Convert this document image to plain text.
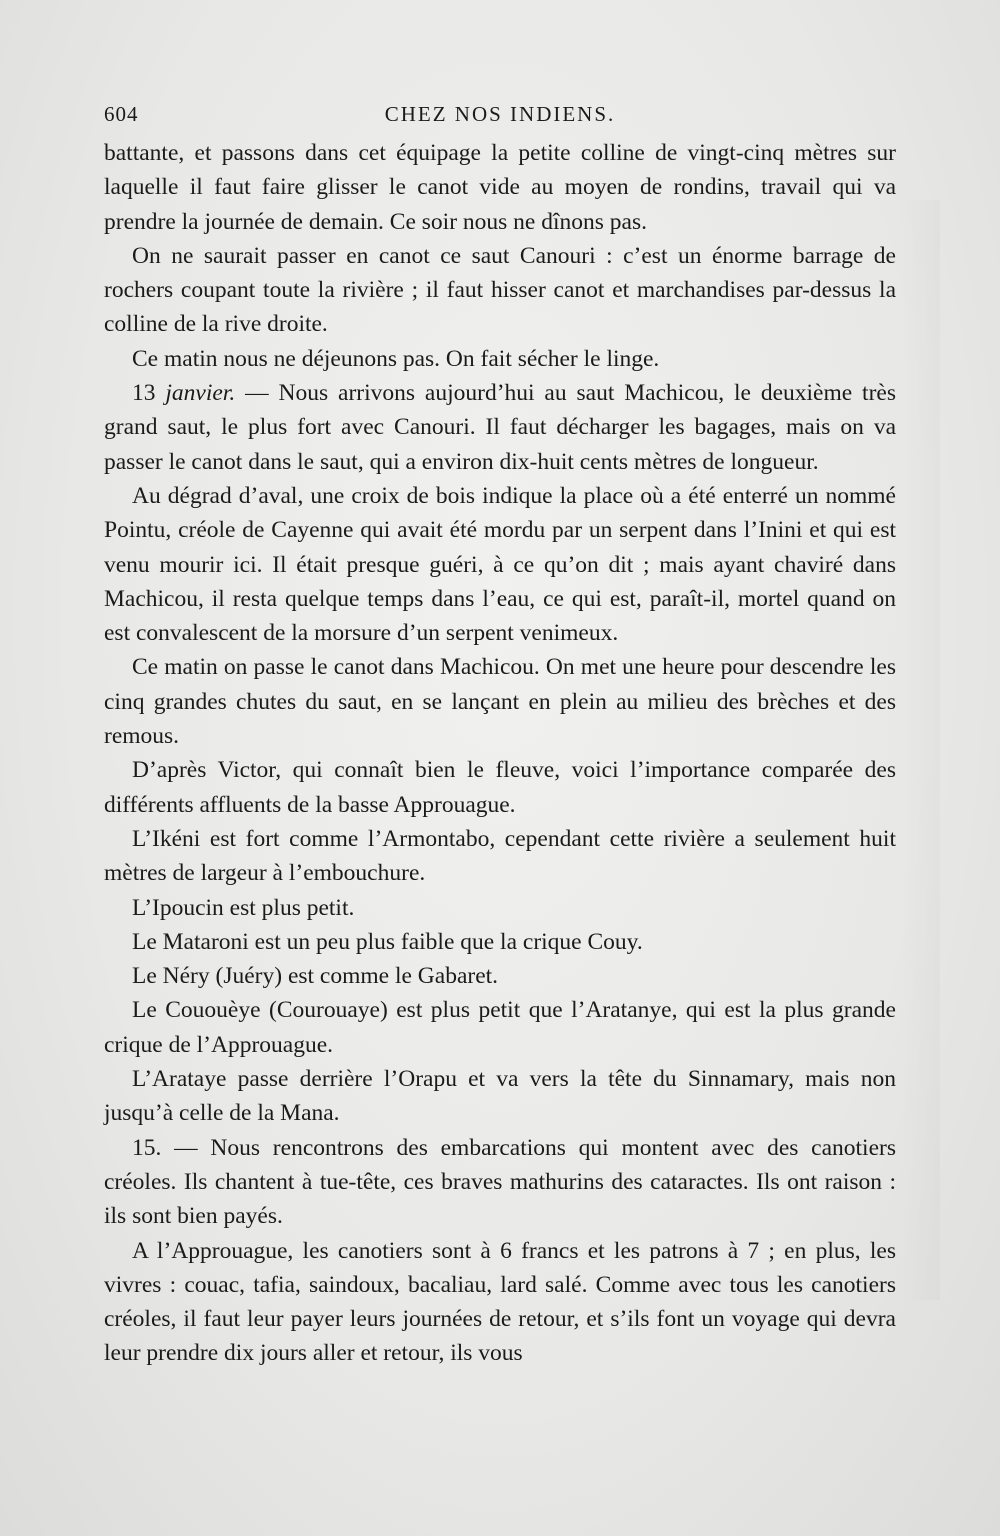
604	CHEZ NOS INDIENS.

battante, et passons dans cet équipage la petite colline de vingt-cinq mètres sur laquelle il faut faire glisser le canot vide au moyen de rondins, travail qui va prendre la journée de demain. Ce soir nous ne dînons pas.

On ne saurait passer en canot ce saut Canouri : c’est un énorme barrage de rochers coupant toute la rivière ; il faut hisser canot et marchandises par-dessus la colline de la rive droite.

Ce matin nous ne déjeunons pas. On fait sécher le linge.

13 janvier. — Nous arrivons aujourd’hui au saut Machicou, le deuxième très grand saut, le plus fort avec Canouri. Il faut décharger les bagages, mais on va passer le canot dans le saut, qui a environ dix-huit cents mètres de longueur.

Au dégrad d’aval, une croix de bois indique la place où a été enterré un nommé Pointu, créole de Cayenne qui avait été mordu par un serpent dans l’Inini et qui est venu mourir ici. Il était presque guéri, à ce qu’on dit ; mais ayant chaviré dans Machicou, il resta quelque temps dans l’eau, ce qui est, paraît-il, mortel quand on est convalescent de la morsure d’un serpent venimeux.

Ce matin on passe le canot dans Machicou. On met une heure pour descendre les cinq grandes chutes du saut, en se lançant en plein au milieu des brèches et des remous.

D’après Victor, qui connaît bien le fleuve, voici l’importance comparée des différents affluents de la basse Approuague.

L’Ikéni est fort comme l’Armontabo, cependant cette rivière a seulement huit mètres de largeur à l’embouchure.

L’Ipoucin est plus petit.

Le Mataroni est un peu plus faible que la crique Couy.

Le Néry (Juéry) est comme le Gabaret.

Le Cououèye (Courouaye) est plus petit que l’Aratanye, qui est la plus grande crique de l’Approuague.

L’Arataye passe derrière l’Orapu et va vers la tête du Sinnamary, mais non jusqu’à celle de la Mana.

15. — Nous rencontrons des embarcations qui montent avec des canotiers créoles. Ils chantent à tue-tête, ces braves mathurins des cataractes. Ils ont raison : ils sont bien payés.

A l’Approuague, les canotiers sont à 6 francs et les patrons à 7 ; en plus, les vivres : couac, tafia, saindoux, bacaliau, lard salé. Comme avec tous les canotiers créoles, il faut leur payer leurs journées de retour, et s’ils font un voyage qui devra leur prendre dix jours aller et retour, ils vous
